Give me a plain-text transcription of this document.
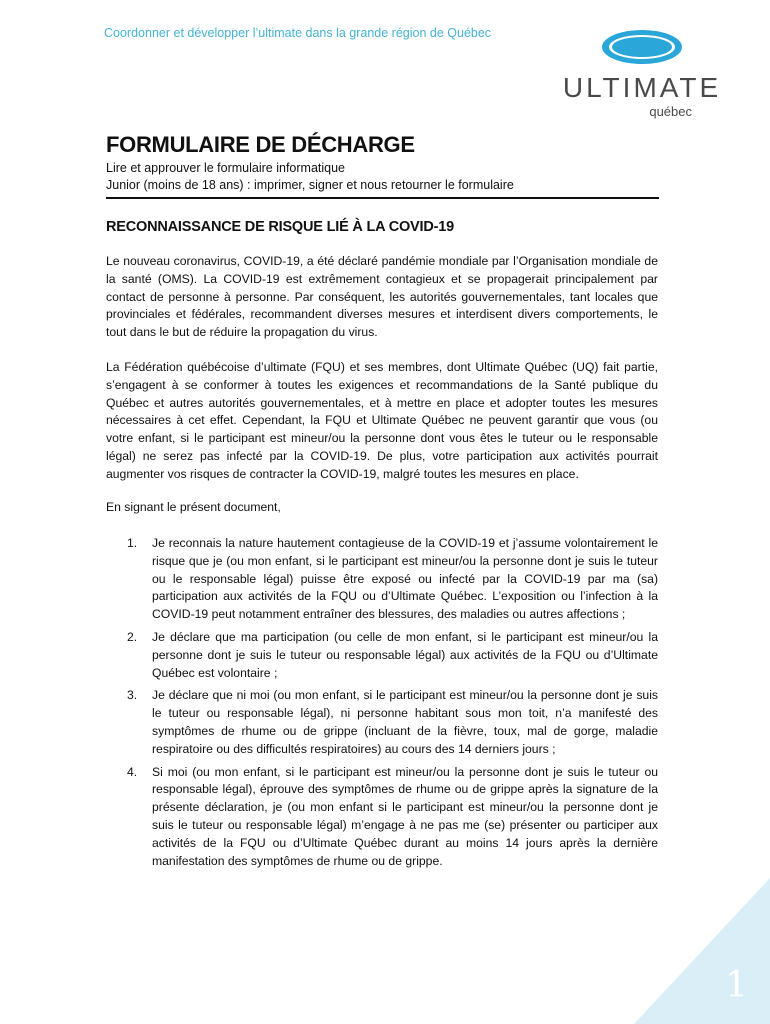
Coordonner et développer l’ultimate dans la grande région de Québec
ULTIMATE
québec
FORMULAIRE DE DÉCHARGE
Lire et approuver le formulaire informatique
Junior (moins de 18 ans) : imprimer, signer et nous retourner le formulaire
RECONNAISSANCE DE RISQUE LIÉ À LA COVID-19

Le nouveau coronavirus, COVID-19, a été déclaré pandémie mondiale par l’Organisation mondiale de la santé (OMS). La COVID-19 est extrêmement contagieux et se propagerait principalement par contact de personne à personne. Par conséquent, les autorités gouvernementales, tant locales que provinciales et fédérales, recommandent diverses mesures et interdisent divers comportements, le tout dans le but de réduire la propagation du virus.

La Fédération québécoise d’ultimate (FQU) et ses membres, dont Ultimate Québec (UQ) fait partie, s’engagent à se conformer à toutes les exigences et recommandations de la Santé publique du Québec et autres autorités gouvernementales, et à mettre en place et adopter toutes les mesures nécessaires à cet effet. Cependant, la FQU et Ultimate Québec ne peuvent garantir que vous (ou votre enfant, si le participant est mineur/ou la personne dont vous êtes le tuteur ou le responsable légal) ne serez pas infecté par la COVID-19. De plus, votre participation aux activités pourrait augmenter vos risques de contracter la COVID-19, malgré toutes les mesures en place.

En signant le présent document,

1. Je reconnais la nature hautement contagieuse de la COVID-19 et j’assume volontairement le risque que je (ou mon enfant, si le participant est mineur/ou la personne dont je suis le tuteur ou le responsable légal) puisse être exposé ou infecté par la COVID-19 par ma (sa) participation aux activités de la FQU ou d’Ultimate Québec. L’exposition ou l’infection à la COVID-19 peut notamment entraîner des blessures, des maladies ou autres affections ;
2. Je déclare que ma participation (ou celle de mon enfant, si le participant est mineur/ou la personne dont je suis le tuteur ou responsable légal) aux activités de la FQU ou d’Ultimate Québec est volontaire ;
3. Je déclare que ni moi (ou mon enfant, si le participant est mineur/ou la personne dont je suis le tuteur ou responsable légal), ni personne habitant sous mon toit, n’a manifesté des symptômes de rhume ou de grippe (incluant de la fièvre, toux, mal de gorge, maladie respiratoire ou des difficultés respiratoires) au cours des 14 derniers jours ;
4. Si moi (ou mon enfant, si le participant est mineur/ou la personne dont je suis le tuteur ou responsable légal), éprouve des symptômes de rhume ou de grippe après la signature de la présente déclaration, je (ou mon enfant si le participant est mineur/ou la personne dont je suis le tuteur ou responsable légal) m’engage à ne pas me (se) présenter ou participer aux activités de la FQU ou d’Ultimate Québec durant au moins 14 jours après la dernière manifestation des symptômes de rhume ou de grippe.
1
